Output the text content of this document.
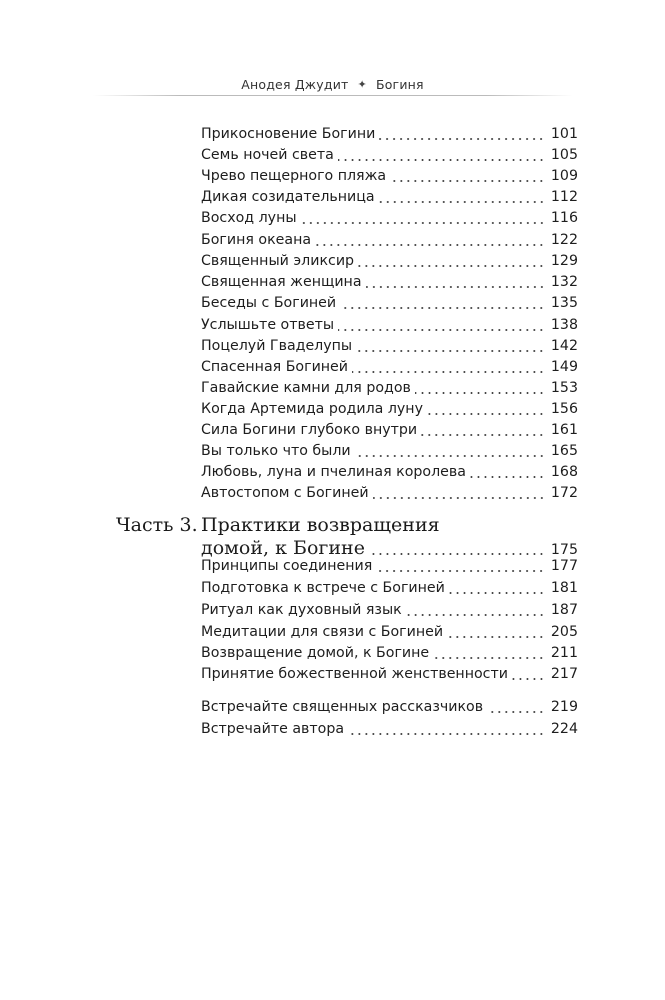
Анодея Джудит ✦ Богиня
Прикосновение Богини	101
Семь ночей света	105
Чрево пещерного пляжа	109
Дикая созидательница	112
Восход луны	116
Богиня океана	122
Священный эликсир	129
Священная женщина	132
Беседы с Богиней	135
Услышьте ответы	138
Поцелуй Гваделупы	142
Спасенная Богиней	149
Гавайские камни для родов	153
Когда Артемида родила луну	156
Сила Богини глубоко внутри	161
Вы только что были	165
Любовь, луна и пчелиная королева	168
Автостопом с Богиней	172
Часть 3. Практики возвращения
домой, к Богине	175
Принципы соединения	177
Подготовка к встрече с Богиней	181
Ритуал как духовный язык	187
Медитации для связи с Богиней	205
Возвращение домой, к Богине	211
Принятие божественной женственности	217
Встречайте священных рассказчиков	219
Встречайте автора	224
